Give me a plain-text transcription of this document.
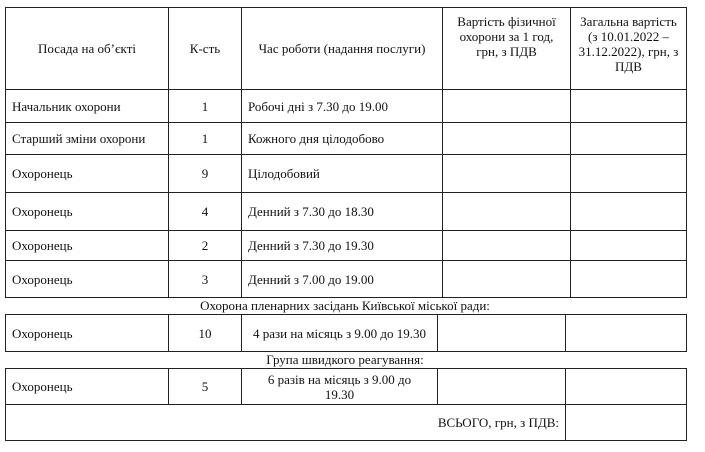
Посада на об’єкті	К-сть	Час роботи (надання послуги)	Вартість фізичної охорони за 1 год, грн, з ПДВ	Загальна вартість (з 10.01.2022 – 31.12.2022), грн, з ПДВ
Начальник охорони	1	Робочі дні з 7.30 до 19.00		
Старший зміни охорони	1	Кожного дня цілодобово		
Охоронець	9	Цілодобовий		
Охоронець	4	Денний з 7.30 до 18.30		
Охоронець	2	Денний з 7.30 до 19.30		
Охоронець	3	Денний з 7.00 до 19.00		
Охорона пленарних засідань Київської міської ради:
Охоронець	10	4 рази на місяць з 9.00 до 19.30		
Група швидкого реагування:
Охоронець	5	6 разів на місяць з 9.00 до 19.30		
ВСЬОГО, грн, з ПДВ:				
